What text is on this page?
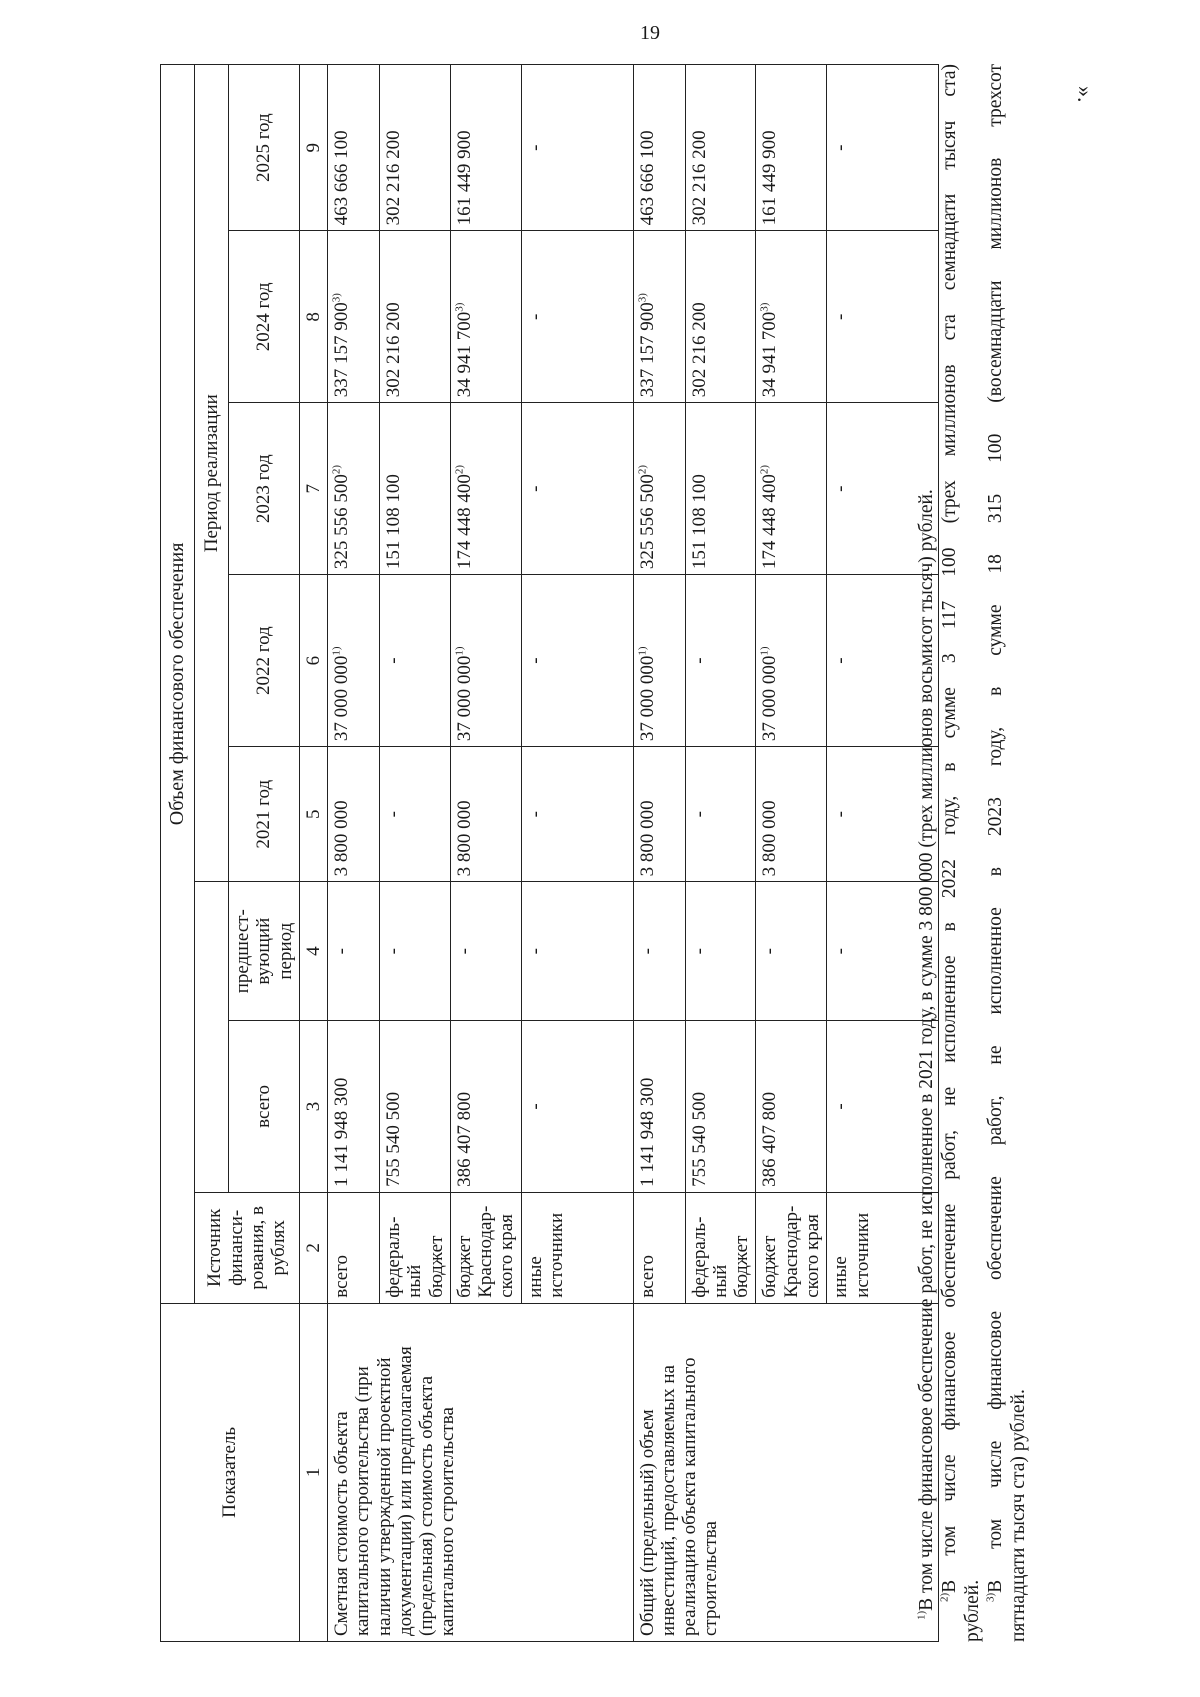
19
».
Показатель	Объем финансового обеспечения							
	Источник финанси-рования, в рублях			Период реализации				
		всего	предшест-вующий период	2021 год	2022 год	2023 год	2024 год	2025 год
1	2	3	4	5	6	7	8	9
Сметная стоимость объекта капитального строительства (при наличии утвержденной проектной документации) или предполагаемая (предельная) стоимость объекта капитального строительства	всего	1 141 948 300	-	3 800 000	37 000 000$^{1)}$	325 556 500$^{2)}$	337 157 900$^{3)}$	463 666 100
	федераль-ный бюджет	755 540 500	-	-	-	151 108 100	302 216 200	302 216 200
	бюджет Краснодар-ского края	386 407 800	-	3 800 000	37 000 000$^{1)}$	174 448 400$^{2)}$	34 941 700$^{3)}$	161 449 900
	иные источники	-	-	-	-	-	-	-
Общий (предельный) объем инвестиций, предоставляемых на реализацию объекта капитального строительства	всего	1 141 948 300	-	3 800 000	37 000 000$^{1)}$	325 556 500$^{2)}$	337 157 900$^{3)}$	463 666 100
	федераль-ный бюджет	755 540 500	-	-	-	151 108 100	302 216 200	302 216 200
	бюджет Краснодар-ского края	386 407 800	-	3 800 000	37 000 000$^{1)}$	174 448 400$^{2)}$	34 941 700$^{3)}$	161 449 900
	иные источники	-	-	-	-	-	-	-

$^{1)}$В том числе финансовое обеспечение работ, не исполненное в 2021 году, в сумме 3 800 000 (трех миллионов восьмисот тысяч) рублей. $^{2)}$В том числе финансовое обеспечение работ, не исполненное в 2022 году, в сумме 3 117 100 (трех миллионов ста семнадцати тысяч ста)

рублей. $^{3)}$В том числе финансовое обеспечение работ, не исполненное в 2023 году, в сумме 18 315 100 (восемнадцати миллионов трехсот пятнадцати тысяч ста) рублей.
